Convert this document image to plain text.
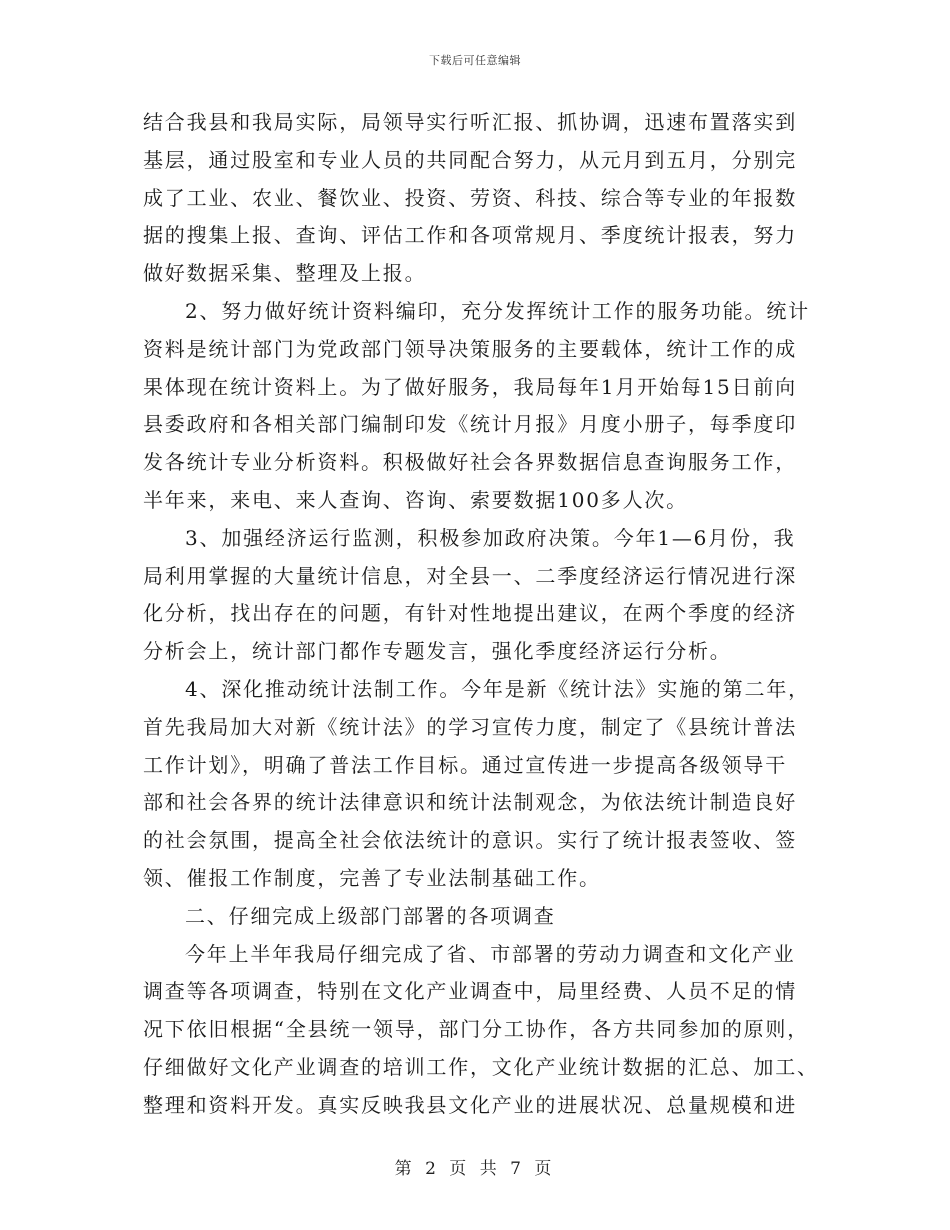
下载后可任意编辑
结合我县和我局实际，局领导实行听汇报、抓协调，迅速布置落实到
基层，通过股室和专业人员的共同配合努力，从元月到五月，分别完
成了工业、农业、餐饮业、投资、劳资、科技、综合等专业的年报数
据的搜集上报、查询、评估工作和各项常规月、季度统计报表，努力
做好数据采集、整理及上报。
2、努力做好统计资料编印，充分发挥统计工作的服务功能。统计
资料是统计部门为党政部门领导决策服务的主要载体，统计工作的成
果体现在统计资料上。为了做好服务，我局每年1月开始每15日前向
县委政府和各相关部门编制印发《统计月报》月度小册子，每季度印
发各统计专业分析资料。积极做好社会各界数据信息查询服务工作，
半年来，来电、来人查询、咨询、索要数据100多人次。
3、加强经济运行监测，积极参加政府决策。今年1—6月份，我
局利用掌握的大量统计信息，对全县一、二季度经济运行情况进行深
化分析，找出存在的问题，有针对性地提出建议，在两个季度的经济
分析会上，统计部门都作专题发言，强化季度经济运行分析。
4、深化推动统计法制工作。今年是新《统计法》实施的第二年，
首先我局加大对新《统计法》的学习宣传力度，制定了《县统计普法
工作计划》，明确了普法工作目标。通过宣传进一步提高各级领导干
部和社会各界的统计法律意识和统计法制观念，为依法统计制造良好
的社会氛围，提高全社会依法统计的意识。实行了统计报表签收、签
领、催报工作制度，完善了专业法制基础工作。
二、仔细完成上级部门部署的各项调查
今年上半年我局仔细完成了省、市部署的劳动力调查和文化产业
调查等各项调查，特别在文化产业调查中，局里经费、人员不足的情
况下依旧根据“全县统一领导，部门分工协作，各方共同参加的原则，
仔细做好文化产业调查的培训工作，文化产业统计数据的汇总、加工、
整理和资料开发。真实反映我县文化产业的进展状况、总量规模和进
第 2 页 共 7 页
